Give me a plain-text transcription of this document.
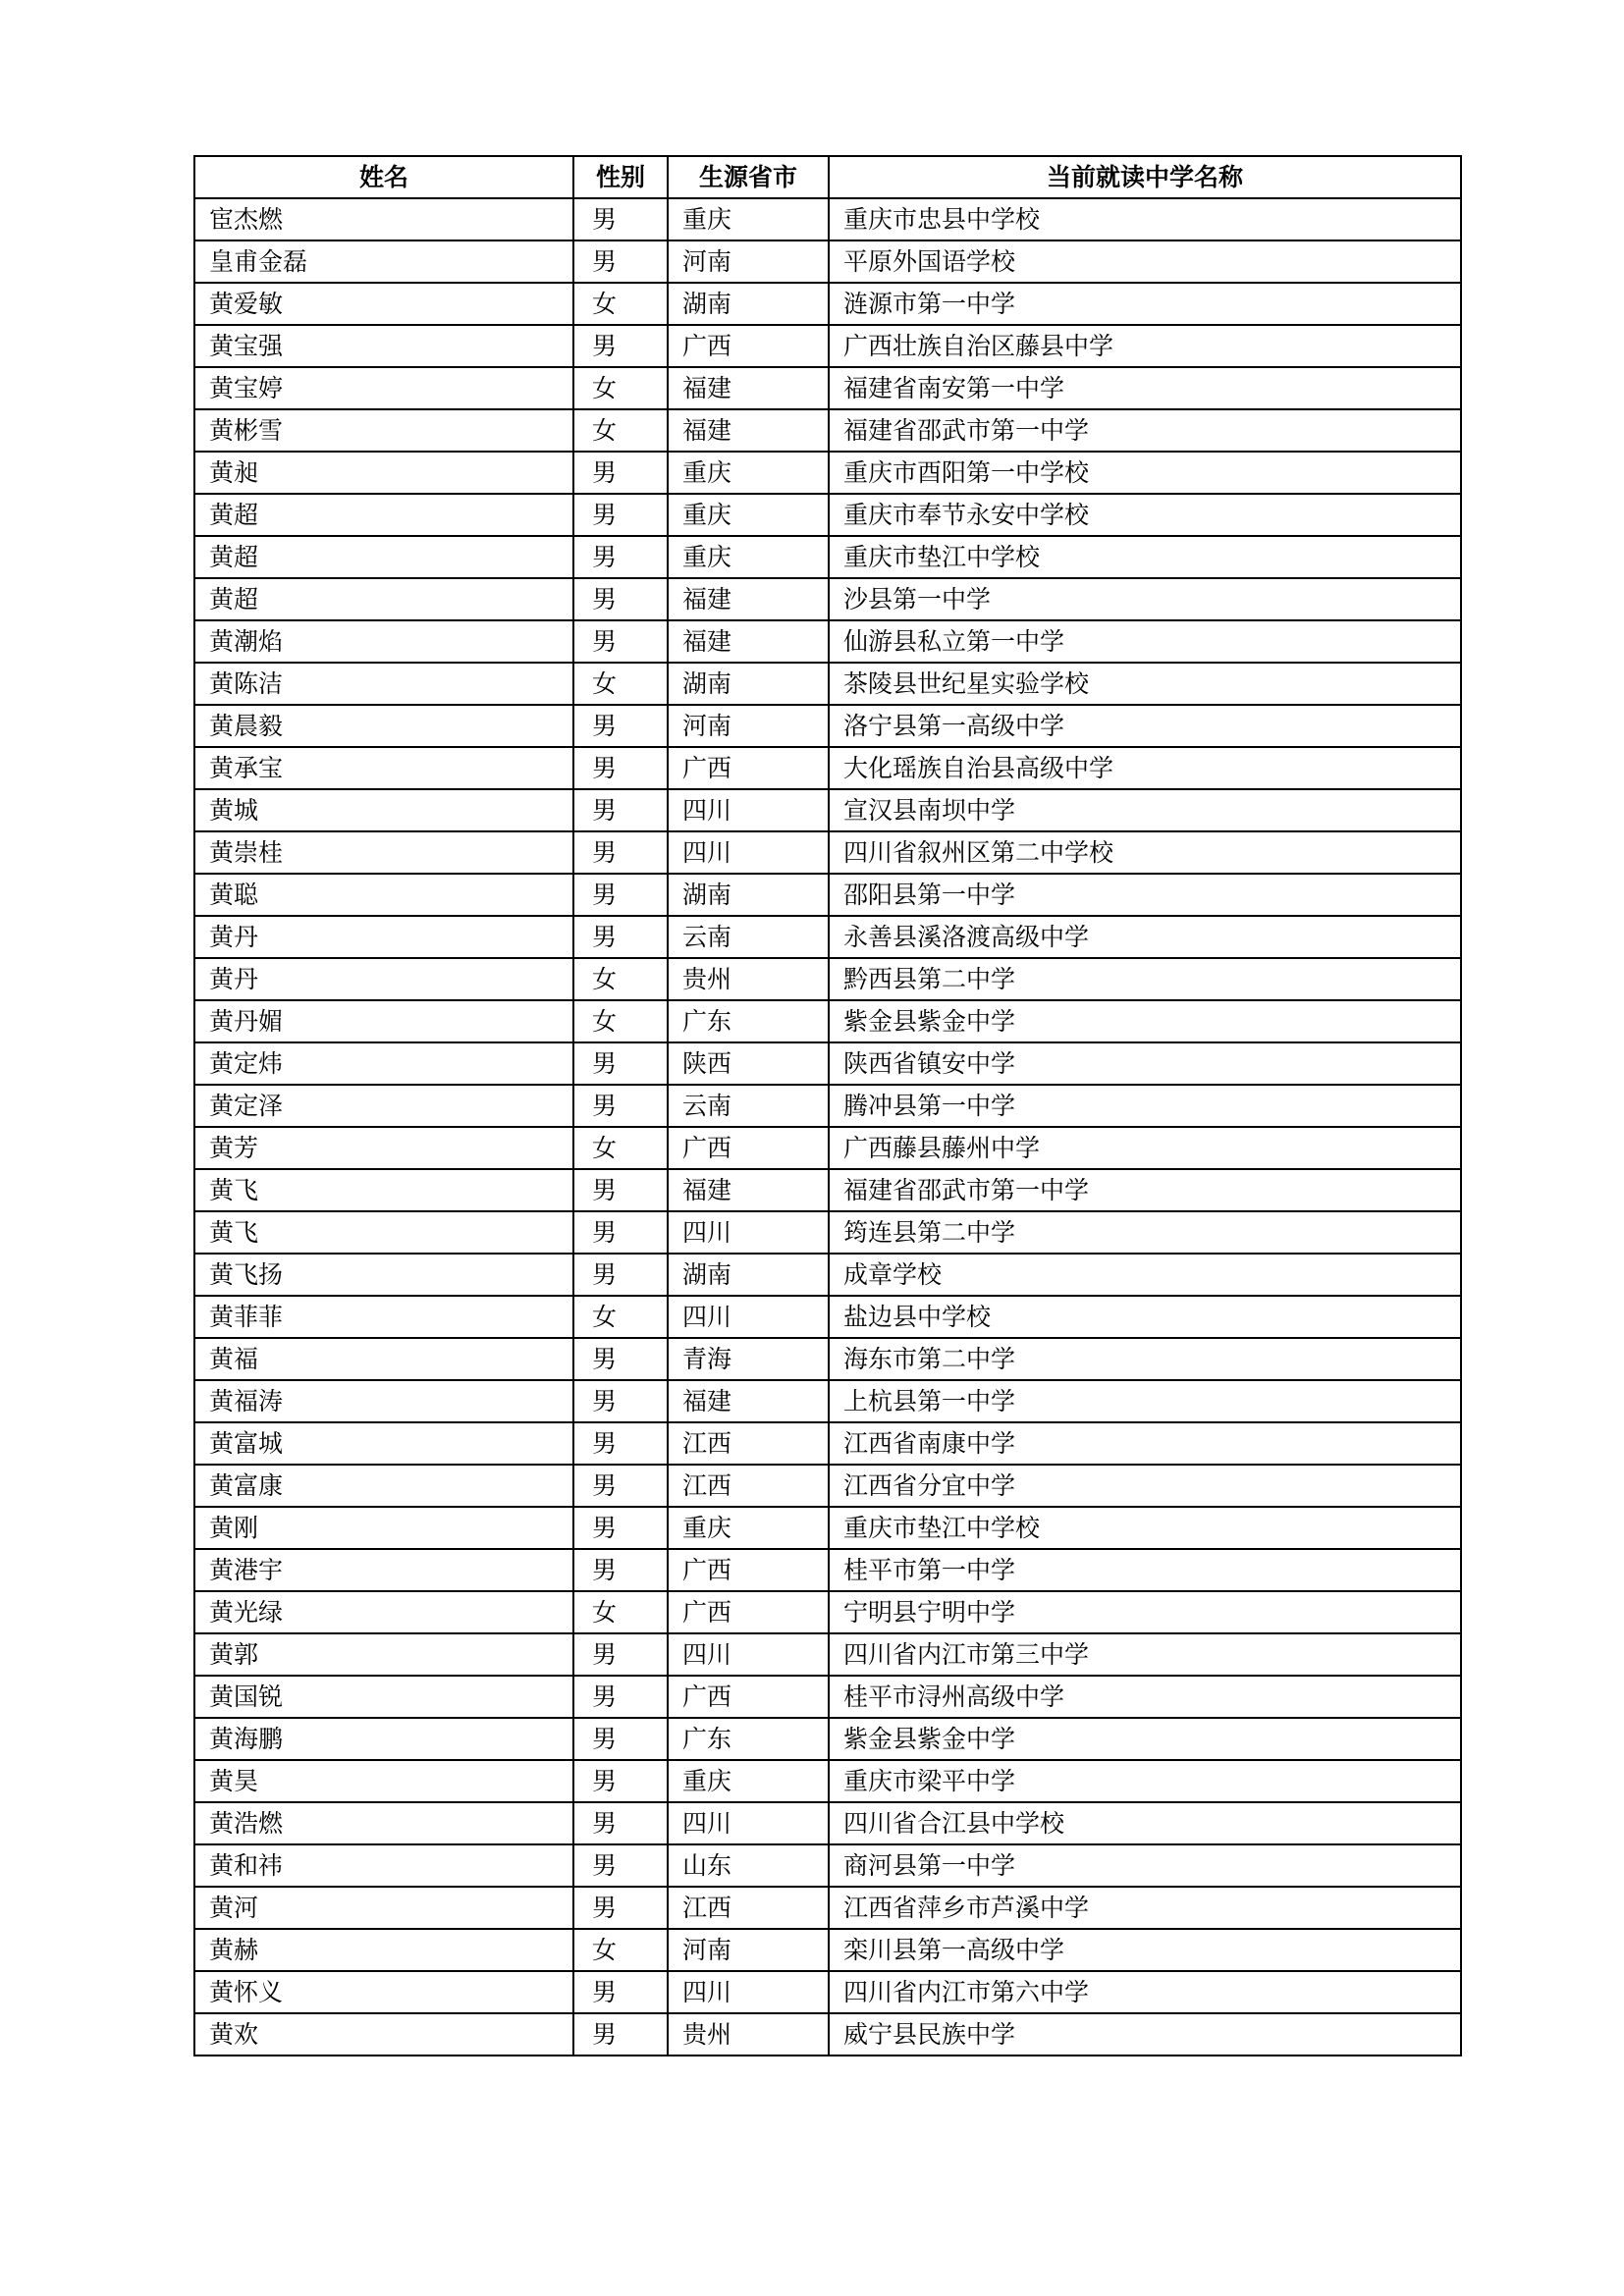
姓名	性别	生源省市	当前就读中学名称
宦杰燃	男	重庆	重庆市忠县中学校
皇甫金磊	男	河南	平原外国语学校
黄爱敏	女	湖南	涟源市第一中学
黄宝强	男	广西	广西壮族自治区藤县中学
黄宝婷	女	福建	福建省南安第一中学
黄彬雪	女	福建	福建省邵武市第一中学
黄昶	男	重庆	重庆市酉阳第一中学校
黄超	男	重庆	重庆市奉节永安中学校
黄超	男	重庆	重庆市垫江中学校
黄超	男	福建	沙县第一中学
黄潮焰	男	福建	仙游县私立第一中学
黄陈洁	女	湖南	茶陵县世纪星实验学校
黄晨毅	男	河南	洛宁县第一高级中学
黄承宝	男	广西	大化瑶族自治县高级中学
黄城	男	四川	宣汉县南坝中学
黄崇桂	男	四川	四川省叙州区第二中学校
黄聪	男	湖南	邵阳县第一中学
黄丹	男	云南	永善县溪洛渡高级中学
黄丹	女	贵州	黔西县第二中学
黄丹媚	女	广东	紫金县紫金中学
黄定炜	男	陕西	陕西省镇安中学
黄定泽	男	云南	腾冲县第一中学
黄芳	女	广西	广西藤县藤州中学
黄飞	男	福建	福建省邵武市第一中学
黄飞	男	四川	筠连县第二中学
黄飞扬	男	湖南	成章学校
黄菲菲	女	四川	盐边县中学校
黄福	男	青海	海东市第二中学
黄福涛	男	福建	上杭县第一中学
黄富城	男	江西	江西省南康中学
黄富康	男	江西	江西省分宜中学
黄刚	男	重庆	重庆市垫江中学校
黄港宇	男	广西	桂平市第一中学
黄光绿	女	广西	宁明县宁明中学
黄郭	男	四川	四川省内江市第三中学
黄国锐	男	广西	桂平市浔州高级中学
黄海鹏	男	广东	紫金县紫金中学
黄昊	男	重庆	重庆市梁平中学
黄浩燃	男	四川	四川省合江县中学校
黄和祎	男	山东	商河县第一中学
黄河	男	江西	江西省萍乡市芦溪中学
黄赫	女	河南	栾川县第一高级中学
黄怀义	男	四川	四川省内江市第六中学
黄欢	男	贵州	威宁县民族中学
